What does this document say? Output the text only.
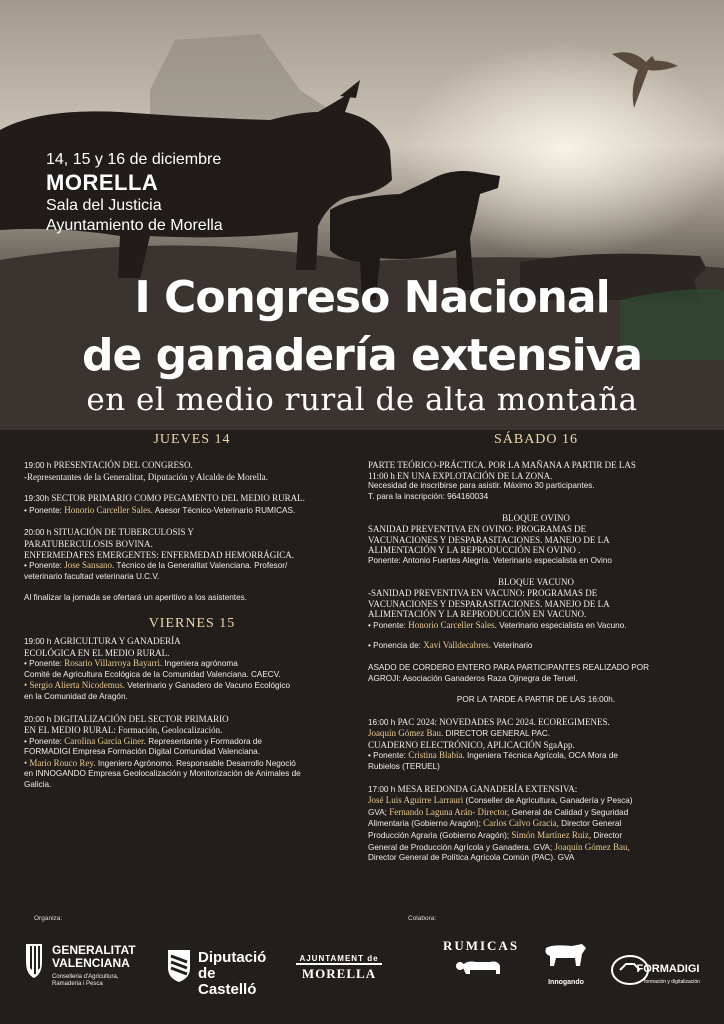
14, 15 y 16 de diciembre
MORELLA
Sala del Justicia
Ayuntamiento de Morella
I Congreso Nacional
de ganadería extensiva
en el medio rural de alta montaña
JUEVES 14

19:00 h PRESENTACIÓN DEL CONGRESO.

-Representantes de la Generalitat, Diputación y Alcalde de Morella.

19:30h SECTOR PRIMARIO COMO PEGAMENTO DEL MEDIO RURAL.

• Ponente: Honorio Carceller Sales. Asesor Técnico-Veterinario RUMICAS.

20:00 h SITUACIÓN DE TUBERCULOSIS Y

PARATUBERCULOSIS BOVINA.

ENFERMEDAFES EMERGENTES: ENFERMEDAD HEMORRÁGICA.

• Ponente: Jose Sansano. Técnico de la Generalitat Valenciana. Profesor/

veterinario facultad veterinaria U.C.V.

Al finalizar la jornada se ofertará un aperitivo a los asistentes.

VIERNES 15

19:00 h AGRICULTURA Y GANADERÍA

ECOLÓGICA EN EL MEDIO RURAL.

• Ponente: Rosario Villarroya Bayarri. Ingeniera agrónoma

Comité de Agricultura Ecológica de la Comunidad Valenciana. CAECV.

• Sergio Alierta Nicodemus. Veterinario y Ganadero de Vacuno Ecológico

en la Comunidad de Aragón.

20:00 h DIGITALIZACIÓN DEL SECTOR PRIMARIO

EN EL MEDIO RURAL: Formación, Geolocalización.

• Ponente: Carolina García Giner. Representante y Formadora de

FORMADIGI Empresa Formación Digital Comunidad Valenciana.

• Mario Rouco Rey. Ingeniero Agrónomo. Responsable Desarrollo Negoció

en INNOGANDO Empresa Geolocalización y Monitorización de Animales de

Galicia.

SÁBADO 16

PARTE TEÓRICO-PRÁCTICA. POR LA MAÑANA A PARTIR DE LAS

11:00 h EN UNA EXPLOTACIÓN DE LA ZONA.

Necesidad de inscribirse para asistir. Máximo 30 participantes.

T. para la inscripción: 964160034

BLOQUE OVINO

SANIDAD PREVENTIVA EN OVINO: PROGRAMAS DE

VACUNACIONES Y DESPARASITACIONES. MANEJO DE LA

ALIMENTACIÓN Y LA REPRODUCCIÓN EN OVINO .

Ponente: Antonio Fuertes Alegría. Veterinario especialista en Ovino

BLOQUE VACUNO

-SANIDAD PREVENTIVA EN VACUNO: PROGRAMAS DE

VACUNACIONES Y DESPARASITACIONES. MANEJO DE LA

ALIMENTACIÓN Y LA REPRODUCCIÓN EN VACUNO.

• Ponente: Honorio Carceller Sales. Veterinario especialista en Vacuno.

• Ponencia de: Xavi Valldecabres. Veterinario

ASADO DE CORDERO ENTERO PARA PARTICIPANTES REALIZADO POR

AGROJI: Asociación Ganaderos Raza Ojinegra de Teruel.

POR LA TARDE A PARTIR DE LAS 16:00h.

16:00 h PAC 2024: NOVEDADES PAC 2024. ECOREGIMENES.

Joaquín Gómez Bau. DIRECTOR GENERAL PAC.

CUADERNO ELECTRÓNICO, APLICACIÓN SgaApp.

• Ponente: Cristina Blabia. Ingeniera Técnica Agrícola, OCA Mora de

Rubielos (TERUEL)

17:00 h MESA REDONDA GANADERÍA EXTENSIVA:

José Luis Aguirre Larrauri (Conseller de Agricultura, Ganadería y Pesca)

GVA; Fernando Laguna Arán- Director, General de Calidad y Seguridad

Alimentaria (Gobierno Aragón); Carlos Calvo Gracia, Director General

Producción Agraria (Gobierno Aragón); Simón Martínez Ruiz, Director

General de Producción Agrícola y Ganadera. GVA; Joaquín Gómez Bau,

Director General de Política Agrícola Común (PAC). GVA

Organiza:	Colabora:
GENERALITAT
VALENCIANA
Conselleria d'Agricultura,
Ramaderia i Pesca
Diputació
de Castelló
AJUNTAMENT de
MORELLA
RUMICAS
Innogando
FORMADIGI
formación y digitalización
